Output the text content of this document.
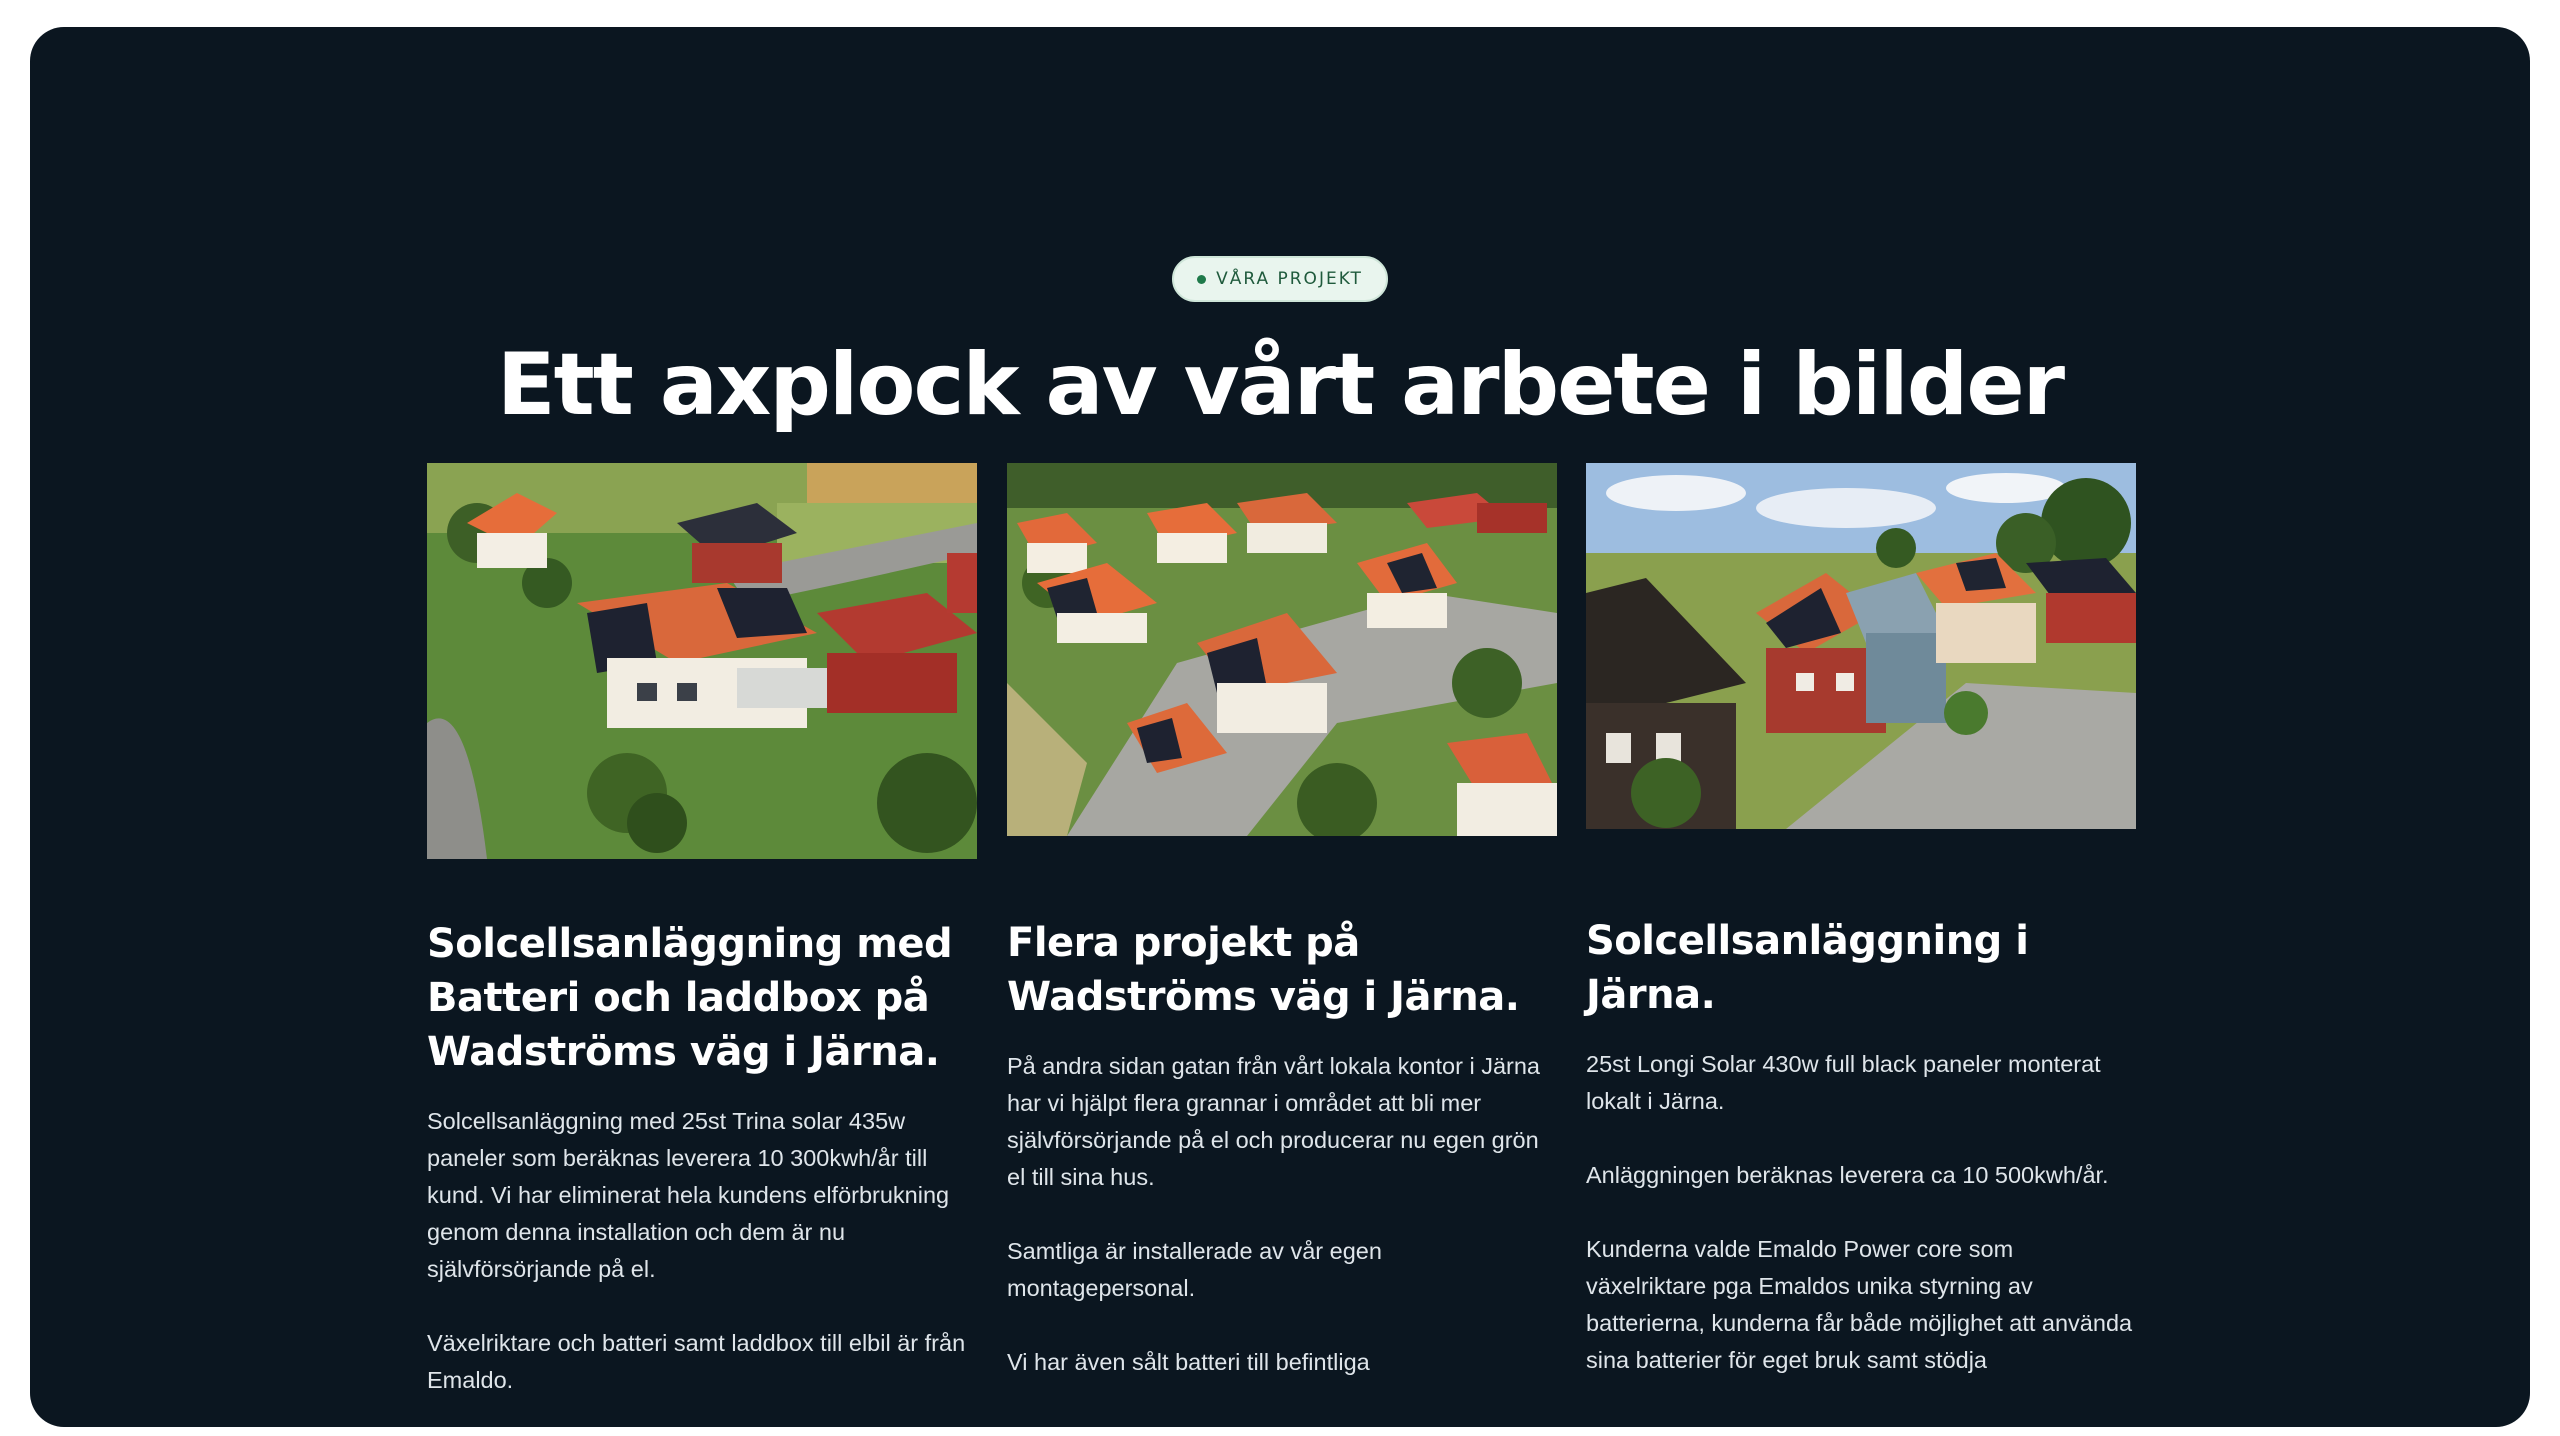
VÅRA PROJEKT
Ett axplock av vårt arbete i bilder
Solcellsanläggning med Batteri och laddbox på Wadströms väg i Järna.

Solcellsanläggning med 25st Trina solar 435w paneler som beräknas leverera 10 300kwh/år till kund. Vi har eliminerat hela kundens elförbrukning genom denna installation och dem är nu självförsörjande på el.

Växelriktare och batteri samt laddbox till elbil är från Emaldo.

Flera projekt på Wadströms väg i Järna.

På andra sidan gatan från vårt lokala kontor i Järna har vi hjälpt flera grannar i området att bli mer självförsörjande på el och producerar nu egen grön el till sina hus.

Samtliga är installerade av vår egen montagepersonal.

Vi har även sålt batteri till befintliga

Solcellsanläggning i Järna.

25st Longi Solar 430w full black paneler monterat lokalt i Järna.

Anläggningen beräknas leverera ca 10 500kwh/år.

Kunderna valde Emaldo Power core som växelriktare pga Emaldos unika styrning av batterierna, kunderna får både möjlighet att använda sina batterier för eget bruk samt stödja
